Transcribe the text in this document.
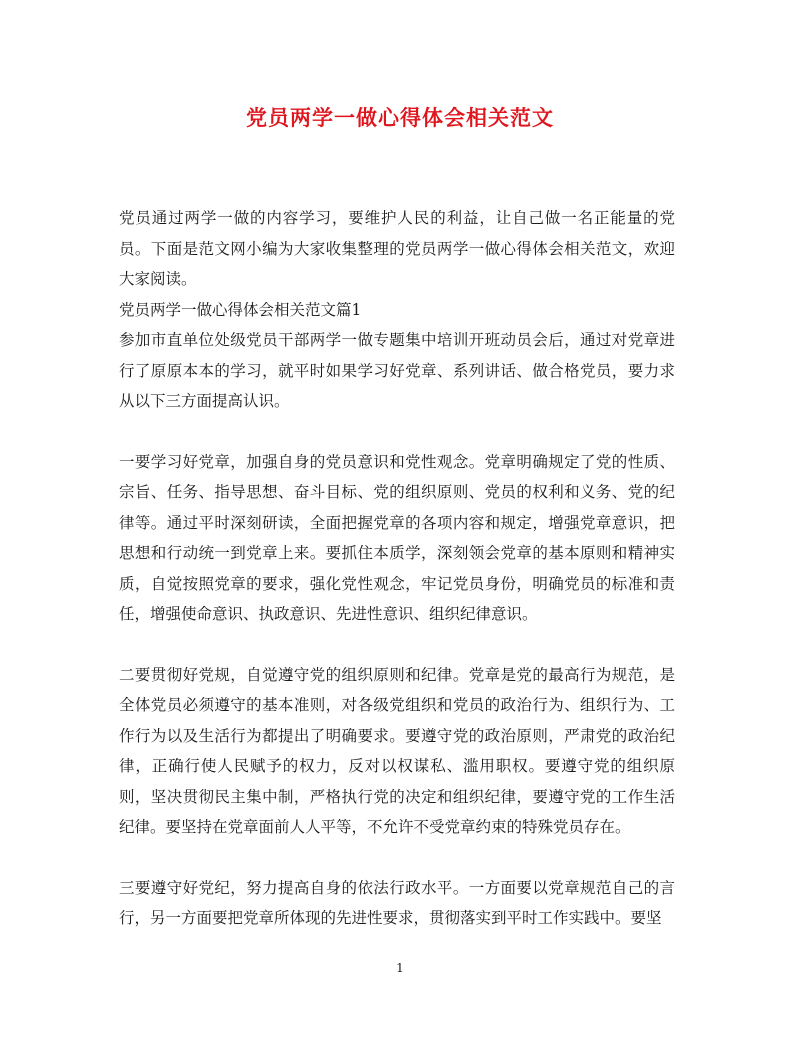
党员两学一做心得体会相关范文

党员通过两学一做的内容学习，要维护人民的利益，让自己做一名正能量的党员。下面是范文网小编为大家收集整理的党员两学一做心得体会相关范文，欢迎大家阅读。

党员两学一做心得体会相关范文篇1

参加市直单位处级党员干部两学一做专题集中培训开班动员会后，通过对党章进行了原原本本的学习，就平时如果学习好党章、系列讲话、做合格党员，要力求从以下三方面提高认识。

一要学习好党章，加强自身的党员意识和党性观念。党章明确规定了党的性质、宗旨、任务、指导思想、奋斗目标、党的组织原则、党员的权利和义务、党的纪律等。通过平时深刻研读，全面把握党章的各项内容和规定，增强党章意识，把思想和行动统一到党章上来。要抓住本质学，深刻领会党章的基本原则和精神实质，自觉按照党章的要求，强化党性观念，牢记党员身份，明确党员的标准和责任，增强使命意识、执政意识、先进性意识、组织纪律意识。

二要贯彻好党规，自觉遵守党的组织原则和纪律。党章是党的最高行为规范，是全体党员必须遵守的基本准则，对各级党组织和党员的政治行为、组织行为、工作行为以及生活行为都提出了明确要求。要遵守党的政治原则，严肃党的政治纪律，正确行使人民赋予的权力，反对以权谋私、滥用职权。要遵守党的组织原则，坚决贯彻民主集中制，严格执行党的决定和组织纪律，要遵守党的工作生活纪律。要坚持在党章面前人人平等，不允许不受党章约束的特殊党员存在。

三要遵守好党纪，努力提高自身的依法行政水平。一方面要以党章规范自己的言行，另一方面要把党章所体现的先进性要求，贯彻落实到平时工作实践中。要坚

1
